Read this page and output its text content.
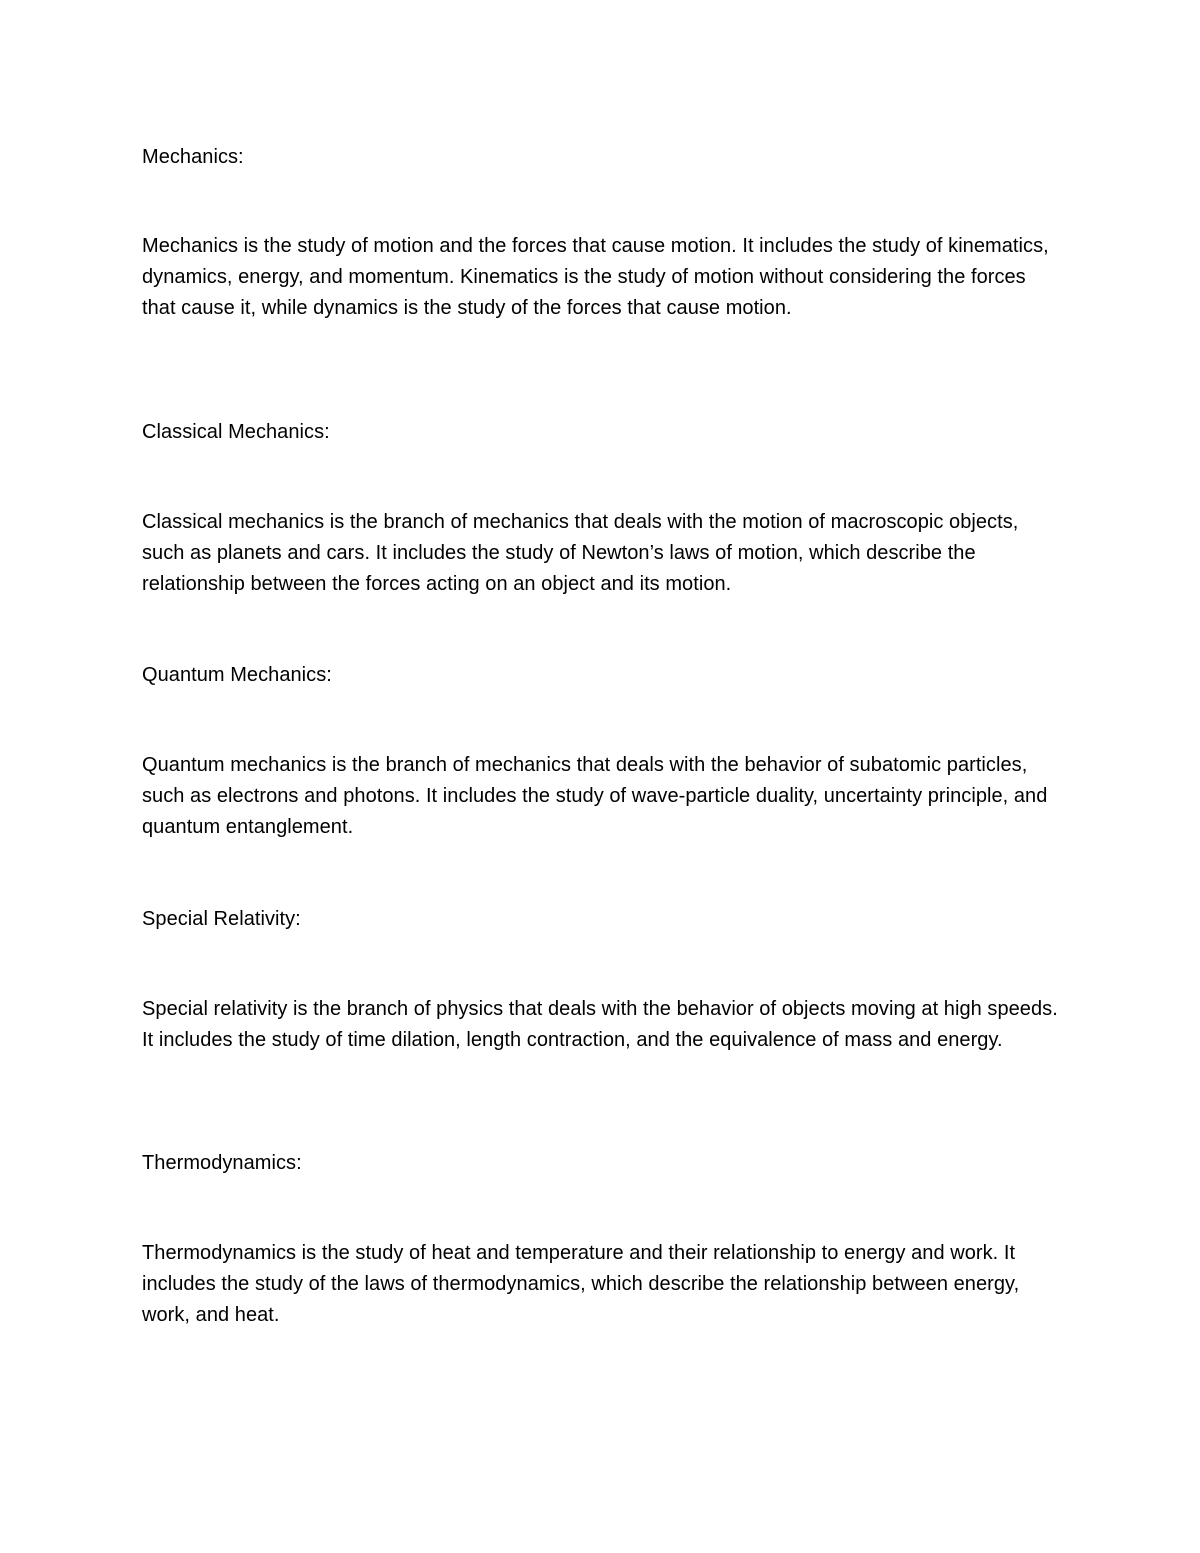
Mechanics:

Mechanics is the study of motion and the forces that cause motion. It includes the study of kinematics, dynamics, energy, and momentum. Kinematics is the study of motion without considering the forces that cause it, while dynamics is the study of the forces that cause motion.

Classical Mechanics:

Classical mechanics is the branch of mechanics that deals with the motion of macroscopic objects, such as planets and cars. It includes the study of Newton’s laws of motion, which describe the relationship between the forces acting on an object and its motion.

Quantum Mechanics:

Quantum mechanics is the branch of mechanics that deals with the behavior of subatomic particles, such as electrons and photons. It includes the study of wave-particle duality, uncertainty principle, and quantum entanglement.

Special Relativity:

Special relativity is the branch of physics that deals with the behavior of objects moving at high speeds. It includes the study of time dilation, length contraction, and the equivalence of mass and energy.

Thermodynamics:

Thermodynamics is the study of heat and temperature and their relationship to energy and work. It includes the study of the laws of thermodynamics, which describe the relationship between energy, work, and heat.
